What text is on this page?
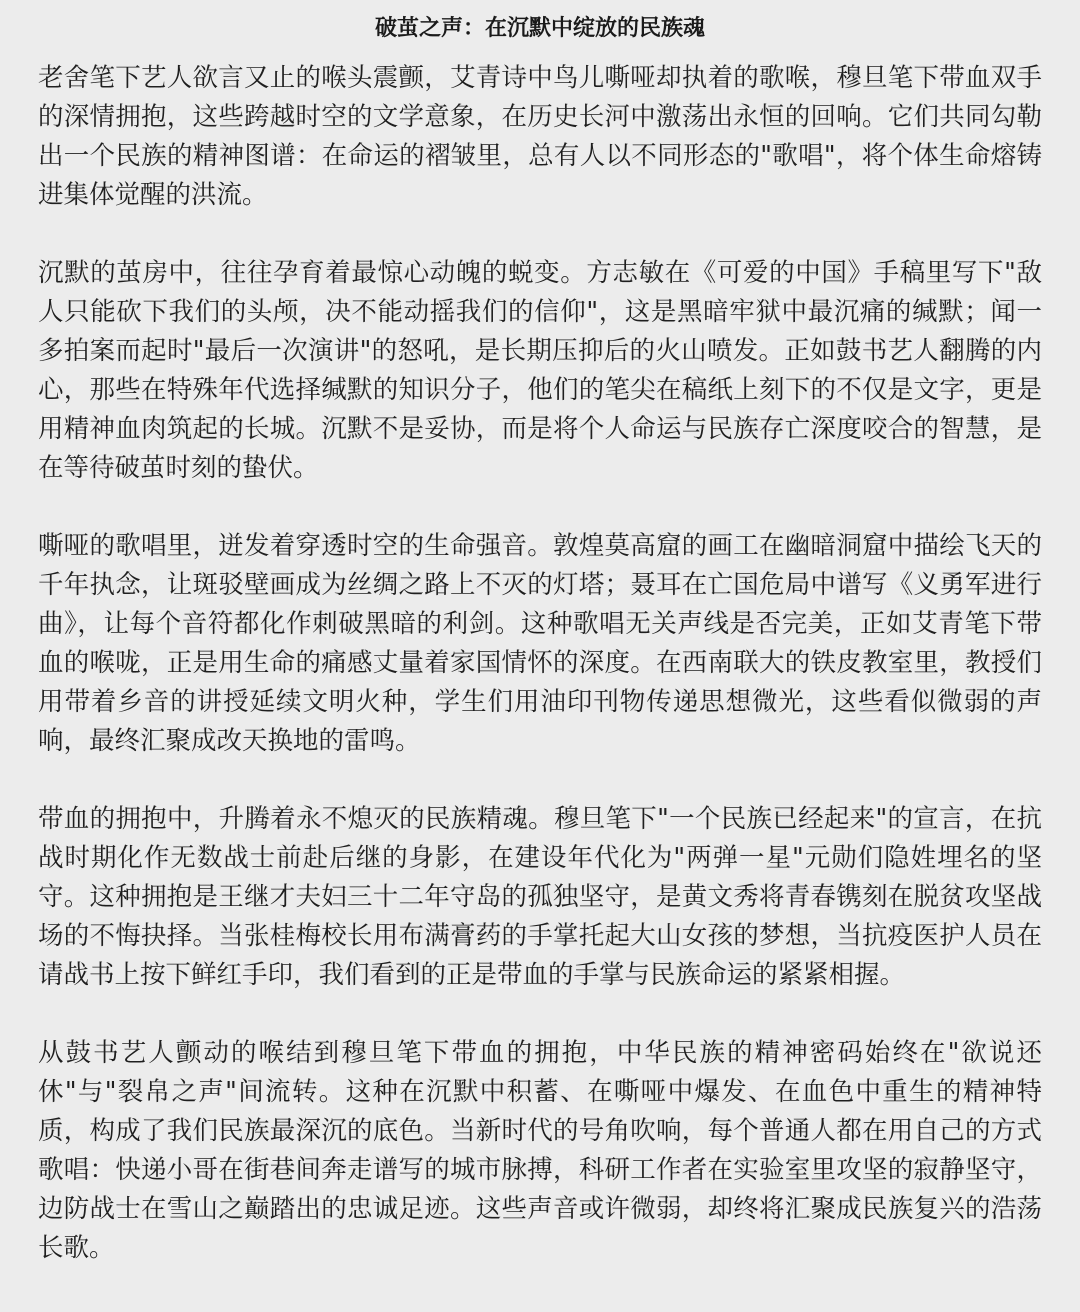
破茧之声：在沉默中绽放的民族魂

老舍笔下艺人欲言又止的喉头震颤，艾青诗中鸟儿嘶哑却执着的歌喉，穆旦笔下带血双手的深情拥抱，这些跨越时空的文学意象，在历史长河中激荡出永恒的回响。它们共同勾勒出一个民族的精神图谱：在命运的褶皱里，总有人以不同形态的"歌唱"，将个体生命熔铸进集体觉醒的洪流。

沉默的茧房中，往往孕育着最惊心动魄的蜕变。方志敏在《可爱的中国》手稿里写下"敌人只能砍下我们的头颅，决不能动摇我们的信仰"，这是黑暗牢狱中最沉痛的缄默；闻一多拍案而起时"最后一次演讲"的怒吼，是长期压抑后的火山喷发。正如鼓书艺人翻腾的内心，那些在特殊年代选择缄默的知识分子，他们的笔尖在稿纸上刻下的不仅是文字，更是用精神血肉筑起的长城。沉默不是妥协，而是将个人命运与民族存亡深度咬合的智慧，是在等待破茧时刻的蛰伏。

嘶哑的歌唱里，迸发着穿透时空的生命强音。敦煌莫高窟的画工在幽暗洞窟中描绘飞天的千年执念，让斑驳壁画成为丝绸之路上不灭的灯塔；聂耳在亡国危局中谱写《义勇军进行曲》，让每个音符都化作刺破黑暗的利剑。这种歌唱无关声线是否完美，正如艾青笔下带血的喉咙，正是用生命的痛感丈量着家国情怀的深度。在西南联大的铁皮教室里，教授们用带着乡音的讲授延续文明火种，学生们用油印刊物传递思想微光，这些看似微弱的声响，最终汇聚成改天换地的雷鸣。

带血的拥抱中，升腾着永不熄灭的民族精魂。穆旦笔下"一个民族已经起来"的宣言，在抗战时期化作无数战士前赴后继的身影，在建设年代化为"两弹一星"元勋们隐姓埋名的坚守。这种拥抱是王继才夫妇三十二年守岛的孤独坚守，是黄文秀将青春镌刻在脱贫攻坚战场的不悔抉择。当张桂梅校长用布满膏药的手掌托起大山女孩的梦想，当抗疫医护人员在请战书上按下鲜红手印，我们看到的正是带血的手掌与民族命运的紧紧相握。

从鼓书艺人颤动的喉结到穆旦笔下带血的拥抱，中华民族的精神密码始终在"欲说还休"与"裂帛之声"间流转。这种在沉默中积蓄、在嘶哑中爆发、在血色中重生的精神特质，构成了我们民族最深沉的底色。当新时代的号角吹响，每个普通人都在用自己的方式歌唱：快递小哥在街巷间奔走谱写的城市脉搏，科研工作者在实验室里攻坚的寂静坚守，边防战士在雪山之巅踏出的忠诚足迹。这些声音或许微弱，却终将汇聚成民族复兴的浩荡长歌。
